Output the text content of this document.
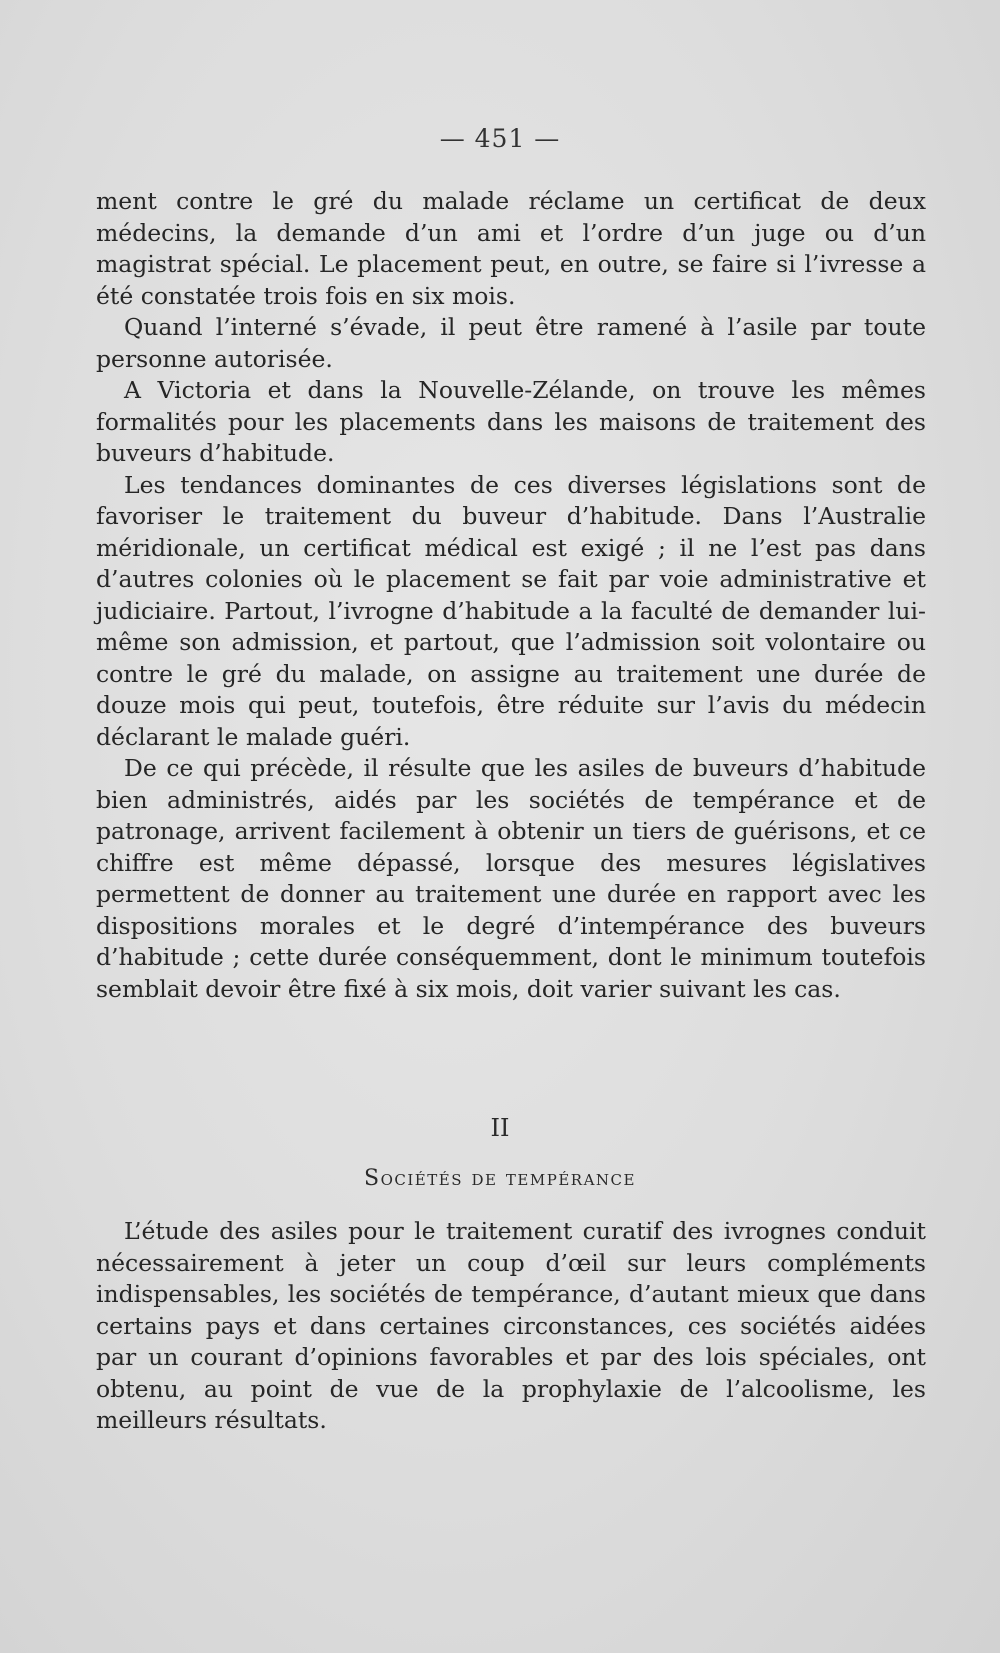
— 451 —

ment contre le gré du malade réclame un certificat de deux médecins, la demande d’un ami et l’ordre d’un juge ou d’un magistrat spécial. Le placement peut, en outre, se faire si l’ivresse a été constatée trois fois en six mois.

Quand l’interné s’évade, il peut être ramené à l’asile par toute personne autorisée.

A Victoria et dans la Nouvelle-Zélande, on trouve les mêmes formalités pour les placements dans les maisons de traitement des buveurs d’habitude.

Les tendances dominantes de ces diverses législations sont de favoriser le traitement du buveur d’habitude. Dans l’Australie méridionale, un certificat médical est exigé ; il ne l’est pas dans d’autres colonies où le placement se fait par voie administrative et judiciaire. Partout, l’ivrogne d’habitude a la faculté de demander lui-même son admission, et partout, que l’admission soit volontaire ou contre le gré du malade, on assigne au traitement une durée de douze mois qui peut, toutefois, être réduite sur l’avis du médecin déclarant le malade guéri.

De ce qui précède, il résulte que les asiles de buveurs d’habitude bien administrés, aidés par les sociétés de tempérance et de patronage, arrivent facilement à obtenir un tiers de guérisons, et ce chiffre est même dépassé, lorsque des mesures législatives permettent de donner au traitement une durée en rapport avec les dispositions morales et le degré d’intempérance des buveurs d’habitude ; cette durée conséquemment, dont le minimum toutefois semblait devoir être fixé à six mois, doit varier suivant les cas.

II
Sociétés de tempérance

L’étude des asiles pour le traitement curatif des ivrognes conduit nécessairement à jeter un coup d’œil sur leurs compléments indispensables, les sociétés de tempérance, d’autant mieux que dans certains pays et dans certaines circonstances, ces sociétés aidées par un courant d’opinions favorables et par des lois spéciales, ont obtenu, au point de vue de la prophylaxie de l’alcoolisme, les meilleurs résultats.
